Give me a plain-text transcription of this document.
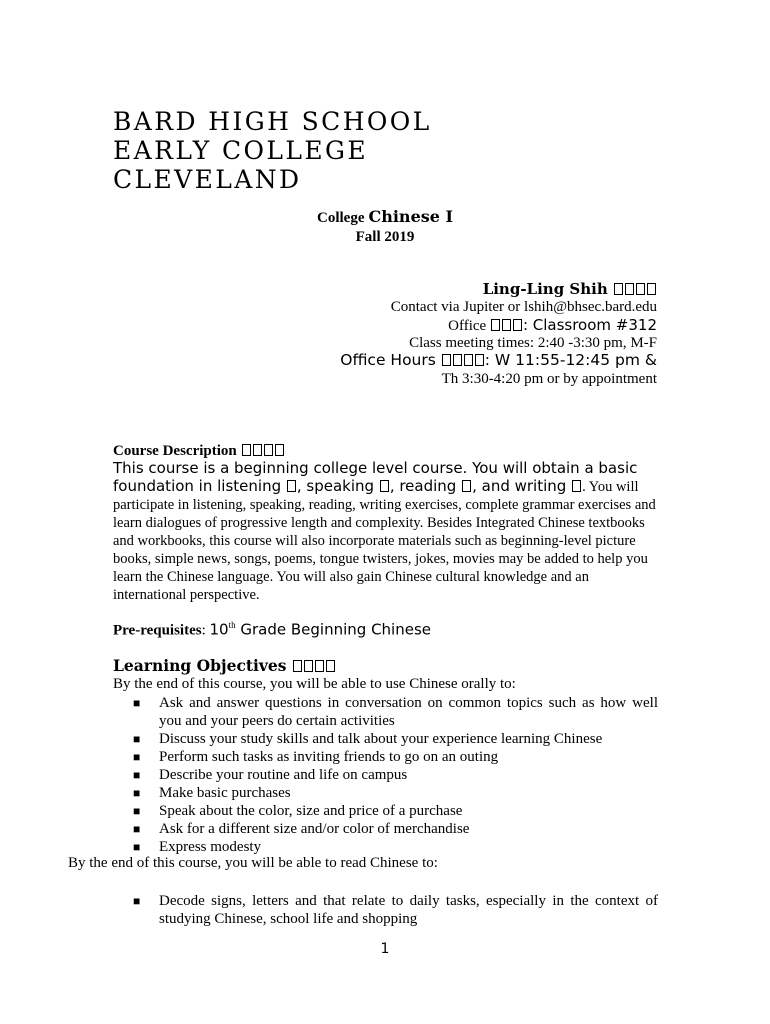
BARD HIGH SCHOOL
EARLY COLLEGE
CLEVELAND
College Chinese I
Fall 2019
Ling-Ling Shih
Contact via Jupiter or lshih@bhsec.bard.edu
Office : Classroom #312
Class meeting times: 2:40 -3:30 pm, M-F
Office Hours	: W 11:55-12:45 pm &
Th 3:30-4:20 pm or by appointment
Course Description
This course is a beginning college level course. You will obtain a basic
foundation in listening , speaking , reading , and writing . You will
participate in listening, speaking, reading, writing exercises, complete grammar exercises and learn dialogues of progressive length and complexity. Besides Integrated Chinese textbooks and workbooks, this course will also incorporate materials such as beginning-level picture books, simple news, songs, poems, tongue twisters, jokes, movies may be added to help you learn the Chinese language. You will also gain Chinese cultural knowledge and an international perspective.
Pre-requisites: 10th Grade Beginning Chinese
Learning Objectives
By the end of this course, you will be able to use Chinese orally to:
■ Ask and answer questions in conversation on common topics such as how well you and your peers do certain activities
■ Discuss your study skills and talk about your experience learning Chinese
■ Perform such tasks as inviting friends to go on an outing
■ Describe your routine and life on campus
■ Make basic purchases
■ Speak about the color, size and price of a purchase
■ Ask for a different size and/or color of merchandise
■ Express modesty
By the end of this course, you will be able to read Chinese to:
■ Decode signs, letters and that relate to daily tasks, especially in the context of studying Chinese, school life and shopping
1
